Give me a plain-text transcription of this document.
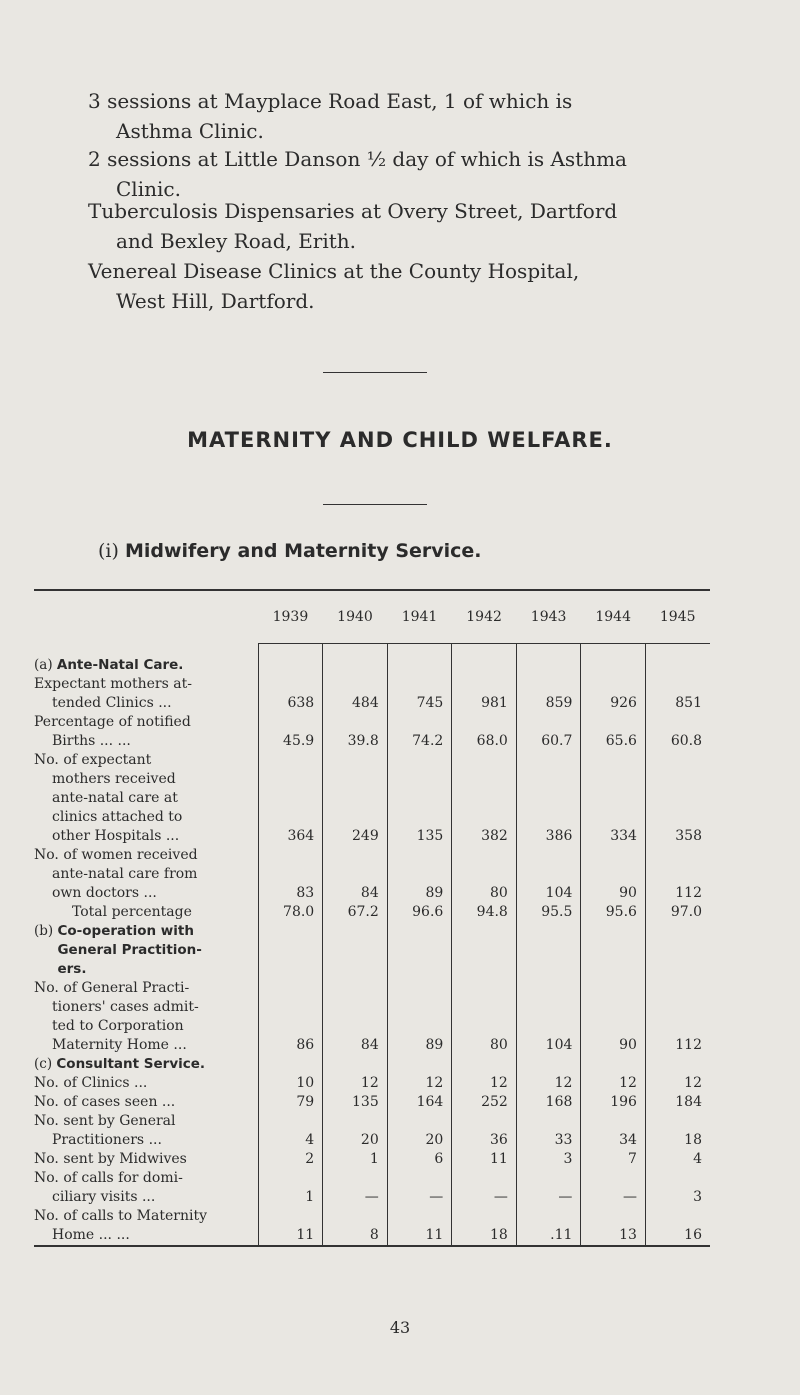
3 sessions at Mayplace Road East, 1 of which is
Asthma Clinic.
2 sessions at Little Danson ½ day of which is Asthma
Clinic.
Tuberculosis Dispensaries at Overy Street, Dartford
and Bexley Road, Erith.
Venereal Disease Clinics at the County Hospital,
West Hill, Dartford.
MATERNITY AND CHILD WELFARE.
(i) Midwifery and Maternity Service.
	1939	1940	1941	1942	1943	1944	1945
(a) Ante-Natal Care.							

Expectant mothers at-
tended Clinics ...	638	484	745	981	859	926	851

Percentage of notified
Births ... ...	45.9	39.8	74.2	68.0	60.7	65.6	60.8

No. of expectant
mothers received
ante-natal care at
clinics attached to
other Hospitals ...	364	249	135	382	386	334	358

No. of women received
ante-natal care from
own doctors ...	83	84	89	80	104	90	112

Total percentage	78.0	67.2	96.6	94.8	95.5	95.6	97.0
(b) Co-operation with General Practition-ers.							

No. of General Practi-
tioners' cases admit-
ted to Corporation
Maternity Home ...	86	84	89	80	104	90	112
(c) Consultant Service.							

No. of Clinics ...	10	12	12	12	12	12	12

No. of cases seen ...	79	135	164	252	168	196	184

No. sent by General
Practitioners ...	4	20	20	36	33	34	18

No. sent by Midwives	2	1	6	11	3	7	4

No. of calls for domi-
ciliary visits ...	1	—	—	—	—	—	3

No. of calls to Maternity
Home ... ...	11	8	11	18	.11	13	16
43
